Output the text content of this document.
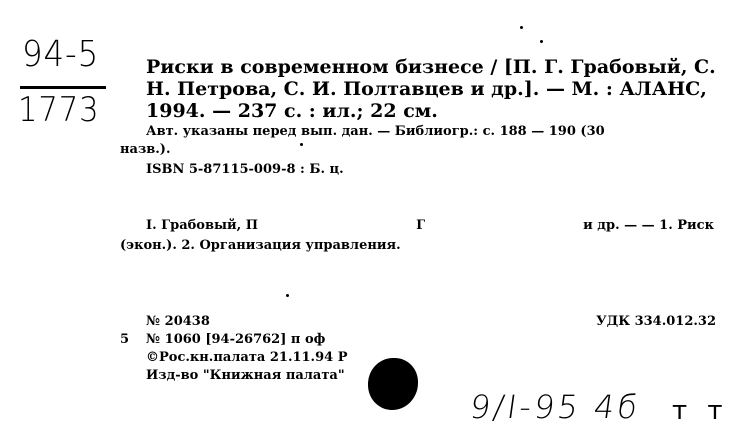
94-5
1773
Риски в современном бизнесе / [П. Г. Грабовый, С.
Н. Петрова, С. И. Полтавцев и др.]. — М. : АЛАНС,
1994. — 237 с. : ил.; 22 см.
Авт. указаны перед вып. дан. — Библиогр.: с. 188 — 190 (30
назв.).
ISBN 5-87115-009-8 : Б. ц.
I. Грабовый, П	Г	и др. — — 1. Риск
(экон.). 2. Организация управления.
№ 20438
5 № 1060 [94-26762] п оф
©Рос.кн.палата 21.11.94 Р
Изд-во "Книжная палата"
УДК 334.012.32
9/І-95 4б т т
